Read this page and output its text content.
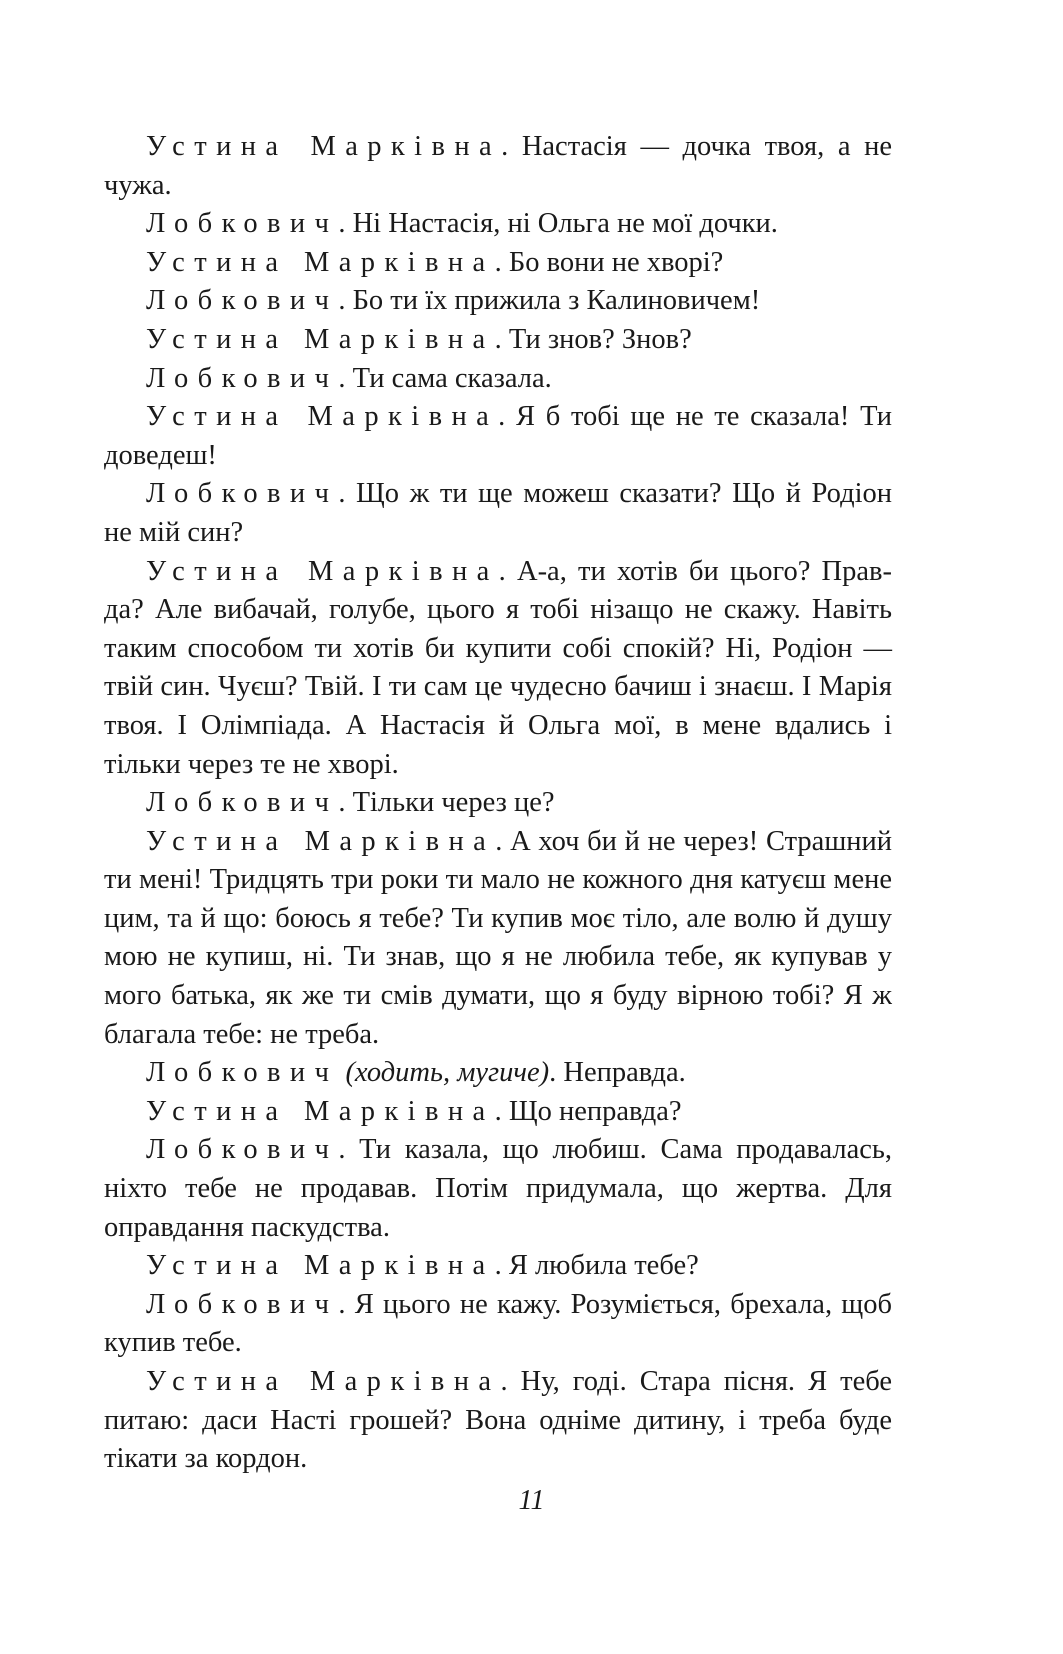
Устина Марківна. Настасія — дочка твоя, а не чужа.

Лобкович. Ні Настасія, ні Ольга не мої дочки.

Устина Марківна. Бо вони не хворі?

Лобкович. Бо ти їх прижила з Калиновичем!

Устина Марківна. Ти знов? Знов?

Лобкович. Ти сама сказала.

Устина Марківна. Я б тобі ще не те сказала! Ти доведеш!

Лобкович. Що ж ти ще можеш сказати? Що й Родіон не мій син?

Устина Марківна. А-а, ти хотів би цього? Правда? Але вибачай, голубе, цього я тобі нізащо не скажу. Навіть таким способом ти хотів би купити собі спокій? Ні, Родіон — твій син. Чуєш? Твій. І ти сам це чудесно бачиш і знаєш. І Марія твоя. І Олімпіада. А Настасія й Ольга мої, в мене вдались і тільки через те не хворі.

Лобкович. Тільки через це?

Устина Марківна. А хоч би й не через! Страшний ти мені! Тридцять три роки ти мало не кожного дня катуєш мене цим, та й що: боюсь я тебе? Ти купив моє тіло, але волю й душу мою не купиш, ні. Ти знав, що я не любила тебе, як купував у мого батька, як же ти смів думати, що я буду вірною тобі? Я ж благала тебе: не треба.

Лобкович (ходить, мугиче). Неправда.

Устина Марківна. Що неправда?

Лобкович. Ти казала, що любиш. Сама продавалась, ніхто тебе не продавав. Потім придумала, що жертва. Для оправдання паскудства.

Устина Марківна. Я любила тебе?

Лобкович. Я цього не кажу. Розуміється, брехала, щоб купив тебе.

Устина Марківна. Ну, годі. Стара пісня. Я тебе питаю: даси Насті грошей? Вона одніме дитину, і треба буде тікати за кордон.

11
